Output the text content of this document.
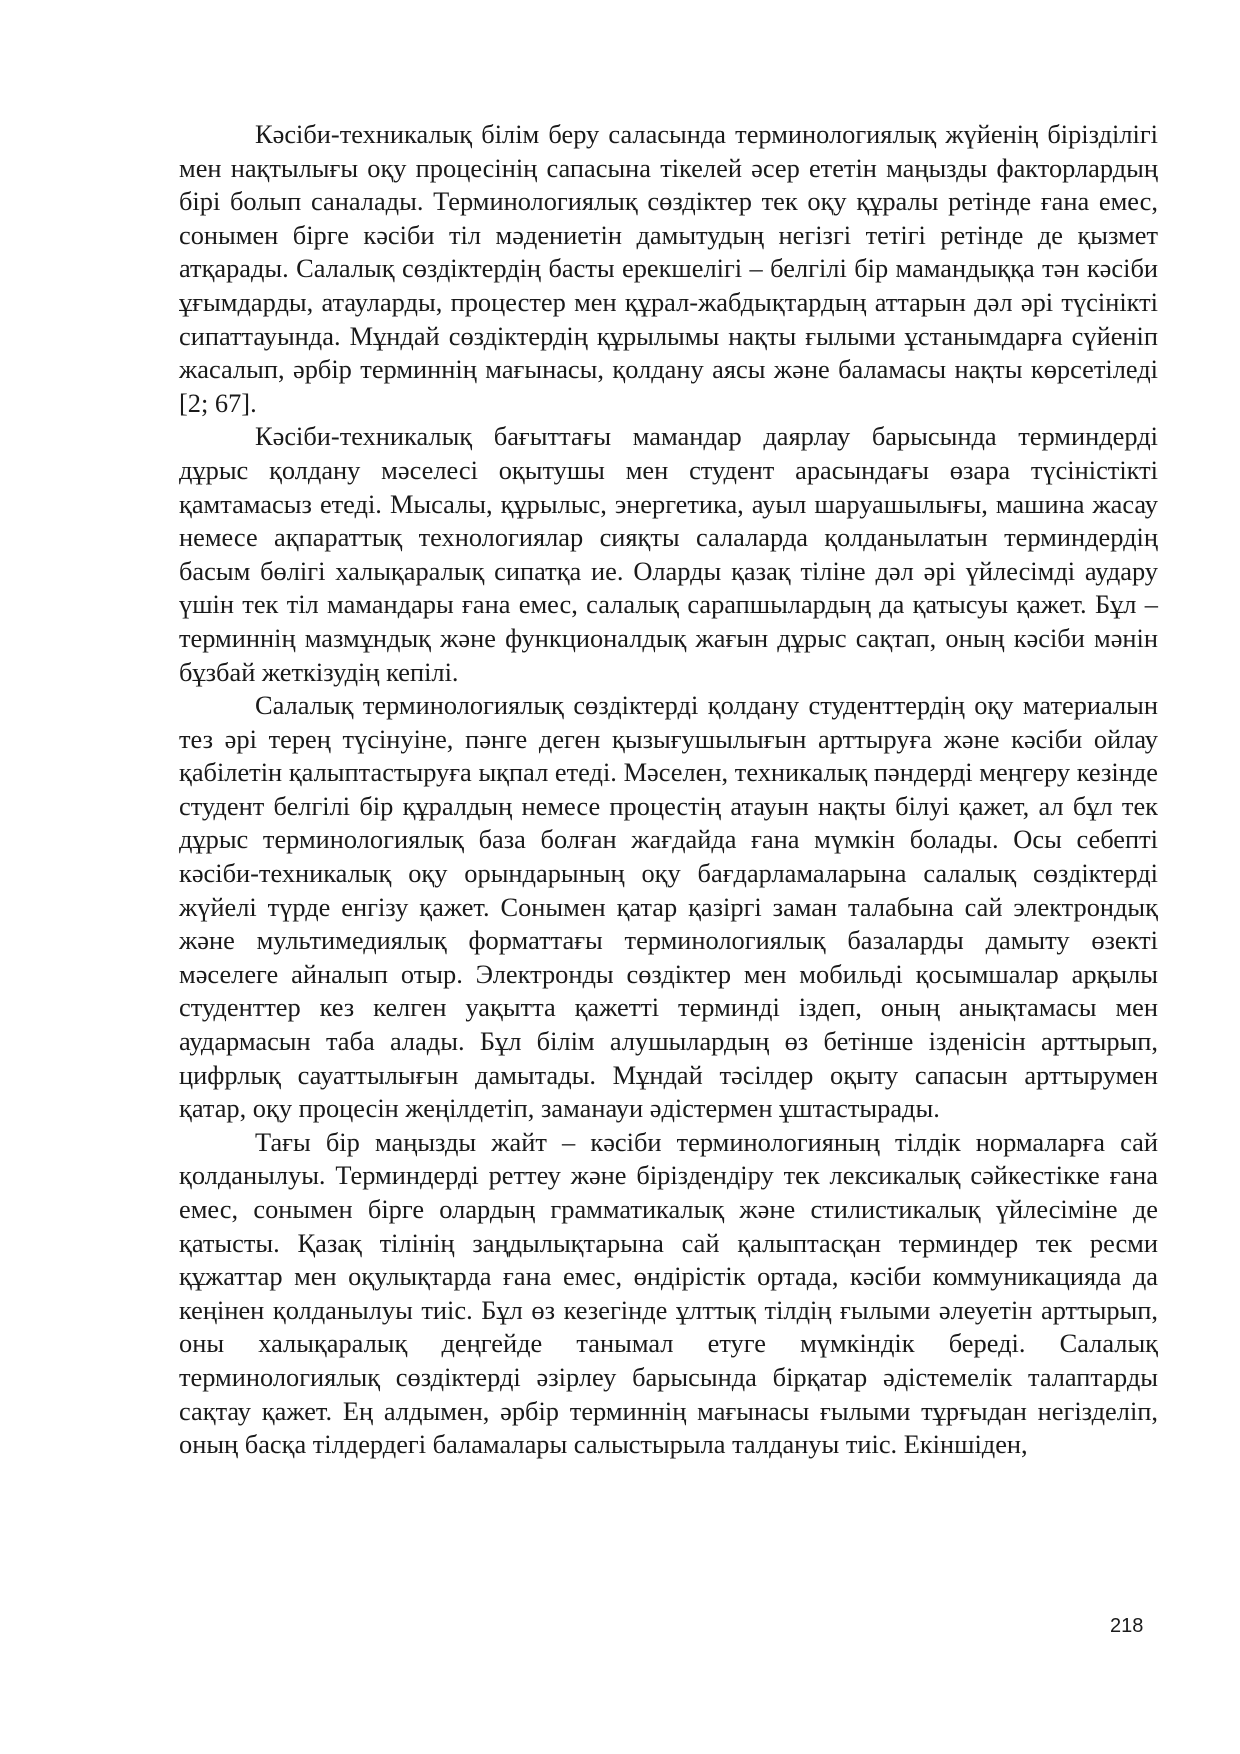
Кәсіби-техникалық білім беру саласында терминологиялық жүйенің біріздiлігі мен нақтылығы оқу процесінің сапасына тікелей әсер ететін маңызды факторлардың бірі болып саналады. Терминологиялық сөздіктер тек оқу құралы ретінде ғана емес, сонымен бірге кәсіби тіл мәдениетін дамытудың негізгі тетігі ретінде де қызмет атқарады. Салалық сөздіктердің басты ерекшелігі – белгілі бір мамандыққа тән кәсіби ұғымдарды, атауларды, процестер мен құрал-жабдықтардың аттарын дәл әрі түсінікті сипаттауында. Мұндай сөздіктердің құрылымы нақты ғылыми ұстанымдарға сүйеніп жасалып, әрбір терминнің мағынасы, қолдану аясы және баламасы нақты көрсетіледі [2; 67].

Кәсіби-техникалық бағыттағы мамандар даярлау барысында терминдерді дұрыс қолдану мәселесі оқытушы мен студент арасындағы өзара түсіністікті қамтамасыз етеді. Мысалы, құрылыс, энергетика, ауыл шаруашылығы, машина жасау немесе ақпараттық технологиялар сияқты салаларда қолданылатын терминдердің басым бөлігі халықаралық сипатқа ие. Оларды қазақ тіліне дәл әрі үйлесімді аудару үшін тек тіл мамандары ғана емес, салалық сарапшылардың да қатысуы қажет. Бұл – терминнің мазмұндық және функционалдық жағын дұрыс сақтап, оның кәсіби мәнін бұзбай жеткізудің кепілі.

Салалық терминологиялық сөздіктерді қолдану студенттердің оқу материалын тез әрі терең түсінуіне, пәнге деген қызығушылығын арттыруға және кәсіби ойлау қабілетін қалыптастыруға ықпал етеді. Мәселен, техникалық пәндерді меңгеру кезінде студент белгілі бір құралдың немесе процестің атауын нақты білуі қажет, ал бұл тек дұрыс терминологиялық база болған жағдайда ғана мүмкін болады. Осы себепті кәсіби-техникалық оқу орындарының оқу бағдарламаларына салалық сөздіктерді жүйелі түрде енгізу қажет. Сонымен қатар қазіргі заман талабына сай электрондық және мультимедиялық форматтағы терминологиялық базаларды дамыту өзекті мәселеге айналып отыр. Электронды сөздіктер мен мобильді қосымшалар арқылы студенттер кез келген уақытта қажетті терминді іздеп, оның анықтамасы мен аудармасын таба алады. Бұл білім алушылардың өз бетінше ізденісін арттырып, цифрлық сауаттылығын дамытады. Мұндай тәсілдер оқыту сапасын арттырумен қатар, оқу процесін жеңілдетіп, заманауи әдістермен ұштастырады.

Тағы бір маңызды жайт – кәсіби терминологияның тілдік нормаларға сай қолданылуы. Терминдерді реттеу және біріздендіру тек лексикалық сәйкестікке ғана емес, сонымен бірге олардың грамматикалық және стилистикалық үйлесіміне де қатысты. Қазақ тілінің заңдылықтарына сай қалыптасқан терминдер тек ресми құжаттар мен оқулықтарда ғана емес, өндірістік ортада, кәсіби коммуникацияда да кеңінен қолданылуы тиіс. Бұл өз кезегінде ұлттық тілдің ғылыми әлеуетін арттырып, оны халықаралық деңгейде танымал етуге мүмкіндік береді. Салалық терминологиялық сөздіктерді әзірлеу барысында бірқатар әдістемелік талаптарды сақтау қажет. Ең алдымен, әрбір терминнің мағынасы ғылыми тұрғыдан негізделіп, оның басқа тілдердегі баламалары салыстырыла талдануы тиіс. Екіншіден,

218
